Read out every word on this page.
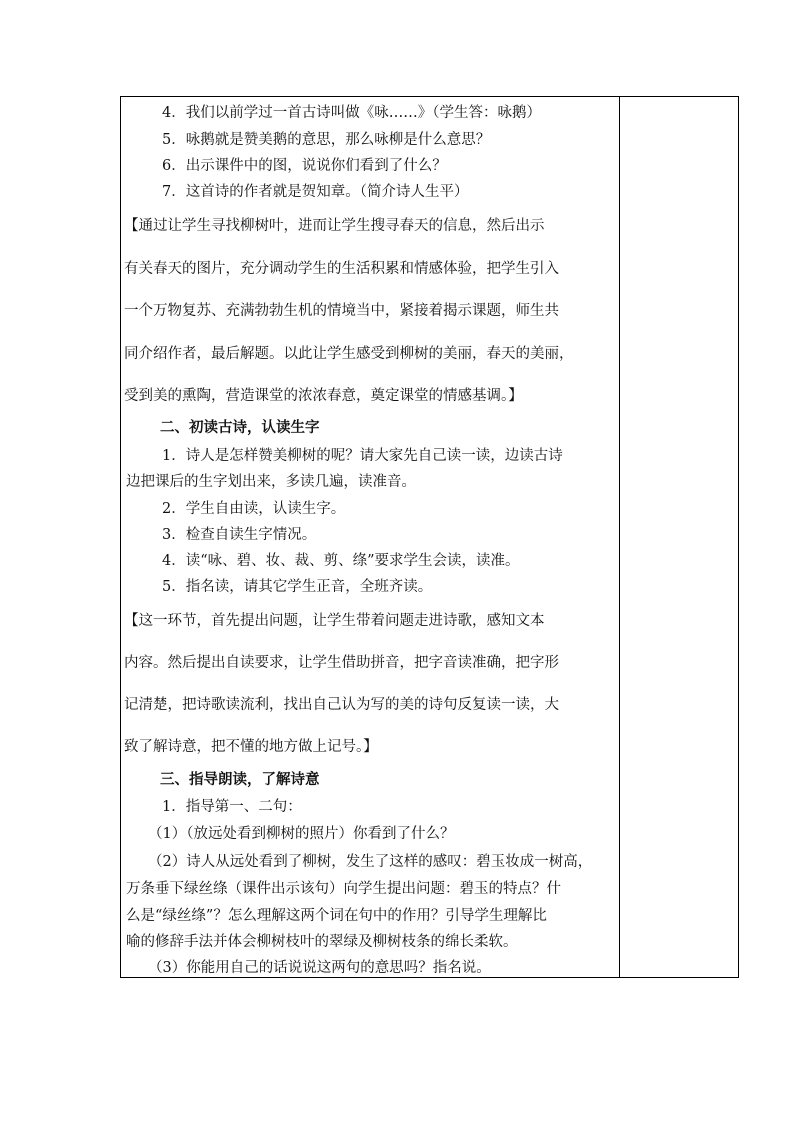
4．我们以前学过一首古诗叫做《咏……》（学生答：咏鹅）
5．咏鹅就是赞美鹅的意思，那么咏柳是什么意思？
6．出示课件中的图，说说你们看到了什么？
7．这首诗的作者就是贺知章。（简介诗人生平）
【通过让学生寻找柳树叶，进而让学生搜寻春天的信息，然后出示
有关春天的图片，充分调动学生的生活积累和情感体验，把学生引入
一个万物复苏、充满勃勃生机的情境当中，紧接着揭示课题，师生共
同介绍作者，最后解题。以此让学生感受到柳树的美丽，春天的美丽，
受到美的熏陶，营造课堂的浓浓春意，奠定课堂的情感基调。】
二、初读古诗，认读生字
1．诗人是怎样赞美柳树的呢？请大家先自己读一读，边读古诗
边把课后的生字划出来，多读几遍，读准音。
2．学生自由读，认读生字。
3．检查自读生字情况。
4．读“咏、碧、妆、裁、剪、绦”要求学生会读，读准。
5．指名读，请其它学生正音，全班齐读。
【这一环节，首先提出问题，让学生带着问题走进诗歌，感知文本
内容。然后提出自读要求，让学生借助拼音，把字音读准确，把字形
记清楚，把诗歌读流利，找出自己认为写的美的诗句反复读一读，大
致了解诗意，把不懂的地方做上记号。】
三、指导朗读，了解诗意
1．指导第一、二句：
（1）（放远处看到柳树的照片）你看到了什么？
（2）诗人从远处看到了柳树，发生了这样的感叹：碧玉妆成一树高，
万条垂下绿丝绦（课件出示该句）向学生提出问题：碧玉的特点？什
么是“绿丝绦”？怎么理解这两个词在句中的作用？引导学生理解比
喻的修辞手法并体会柳树枝叶的翠绿及柳树枝条的绵长柔软。
（3）你能用自己的话说说这两句的意思吗？指名说。
